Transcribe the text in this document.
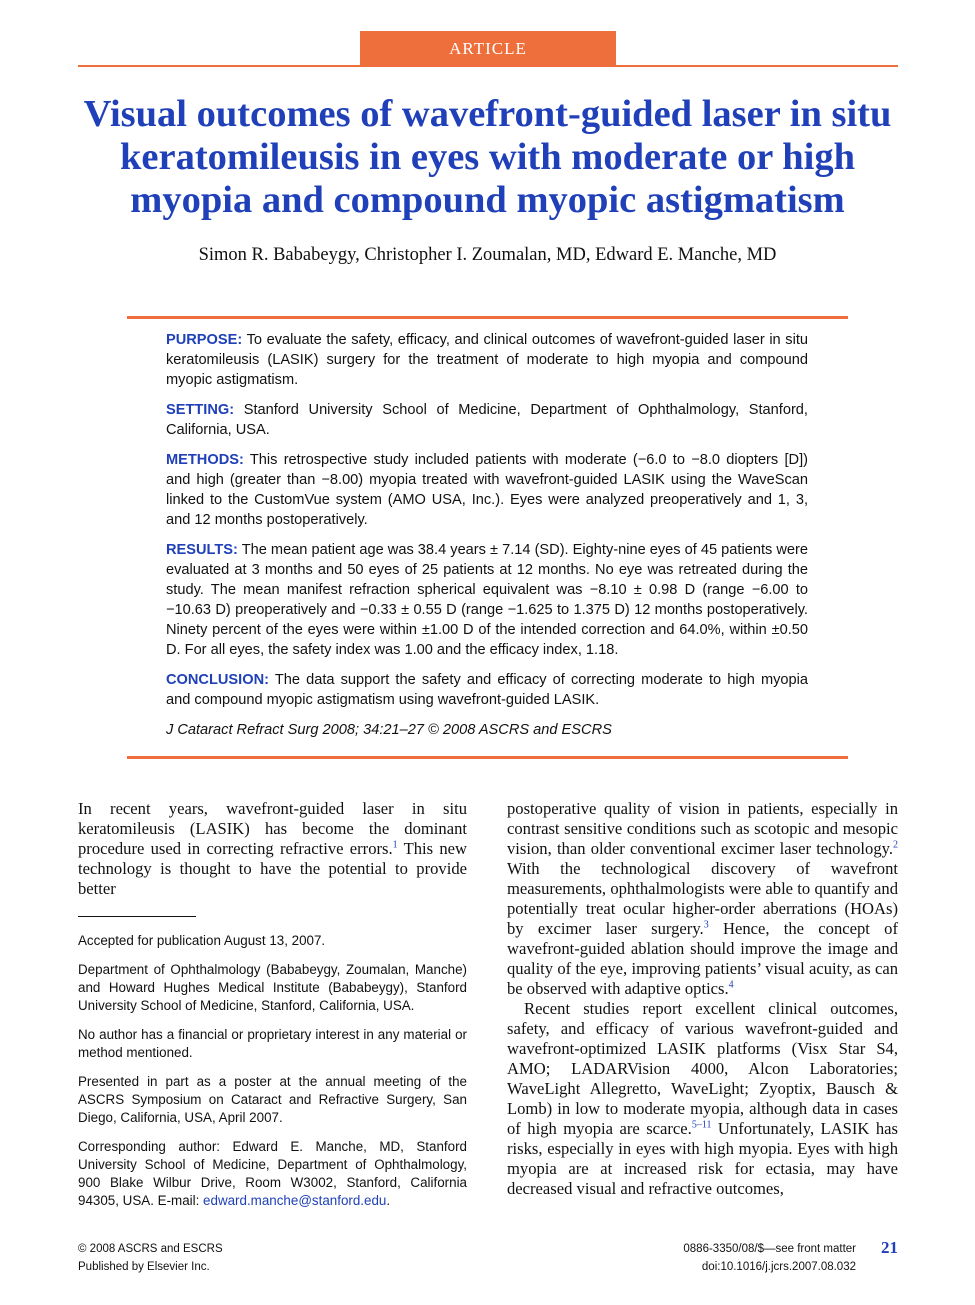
ARTICLE
Visual outcomes of wavefront-guided laser in situ keratomileusis in eyes with moderate or high myopia and compound myopic astigmatism
Simon R. Bababeygy, Christopher I. Zoumalan, MD, Edward E. Manche, MD

PURPOSE: To evaluate the safety, efficacy, and clinical outcomes of wavefront-guided laser in situ keratomileusis (LASIK) surgery for the treatment of moderate to high myopia and compound myopic astigmatism.

SETTING: Stanford University School of Medicine, Department of Ophthalmology, Stanford, California, USA.

METHODS: This retrospective study included patients with moderate (−6.0 to −8.0 diopters [D]) and high (greater than −8.00) myopia treated with wavefront-guided LASIK using the WaveScan linked to the CustomVue system (AMO USA, Inc.). Eyes were analyzed preoperatively and 1, 3, and 12 months postoperatively.

RESULTS: The mean patient age was 38.4 years ± 7.14 (SD). Eighty-nine eyes of 45 patients were evaluated at 3 months and 50 eyes of 25 patients at 12 months. No eye was retreated during the study. The mean manifest refraction spherical equivalent was −8.10 ± 0.98 D (range −6.00 to −10.63 D) preoperatively and −0.33 ± 0.55 D (range −1.625 to 1.375 D) 12 months postoperatively. Ninety percent of the eyes were within ±1.00 D of the intended correction and 64.0%, within ±0.50 D. For all eyes, the safety index was 1.00 and the efficacy index, 1.18.

CONCLUSION: The data support the safety and efficacy of correcting moderate to high myopia and compound myopic astigmatism using wavefront-guided LASIK.

J Cataract Refract Surg 2008; 34:21–27 © 2008 ASCRS and ESCRS

In recent years, wavefront-guided laser in situ keratomileusis (LASIK) has become the dominant procedure used in correcting refractive errors.$^1$ This new technology is thought to have the potential to provide better

postoperative quality of vision in patients, especially in contrast sensitive conditions such as scotopic and mesopic vision, than older conventional excimer laser technology.$^2$ With the technological discovery of wavefront measurements, ophthalmologists were able to quantify and potentially treat ocular higher-order aberrations (HOAs) by excimer laser surgery.$^3$ Hence, the concept of wavefront-guided ablation should improve the image and quality of the eye, improving patients’ visual acuity, as can be observed with adaptive optics.$^4$

Recent studies report excellent clinical outcomes, safety, and efficacy of various wavefront-guided and wavefront-optimized LASIK platforms (Visx Star S4, AMO; LADARVision 4000, Alcon Laboratories; WaveLight Allegretto, WaveLight; Zyoptix, Bausch & Lomb) in low to moderate myopia, although data in cases of high myopia are scarce.$^{5-11}$ Unfortunately, LASIK has risks, especially in eyes with high myopia. Eyes with high myopia are at increased risk for ectasia, may have decreased visual and refractive outcomes,

Accepted for publication August 13, 2007.

Department of Ophthalmology (Bababeygy, Zoumalan, Manche) and Howard Hughes Medical Institute (Bababeygy), Stanford University School of Medicine, Stanford, California, USA.

No author has a financial or proprietary interest in any material or method mentioned.

Presented in part as a poster at the annual meeting of the ASCRS Symposium on Cataract and Refractive Surgery, San Diego, California, USA, April 2007.

Corresponding author: Edward E. Manche, MD, Stanford University School of Medicine, Department of Ophthalmology, 900 Blake Wilbur Drive, Room W3002, Stanford, California 94305, USA. E-mail: edward.manche@stanford.edu.

© 2008 ASCRS and ESCRS
Published by Elsevier Inc.
0886-3350/08/$—see front matter
doi:10.1016/j.jcrs.2007.08.032
21
